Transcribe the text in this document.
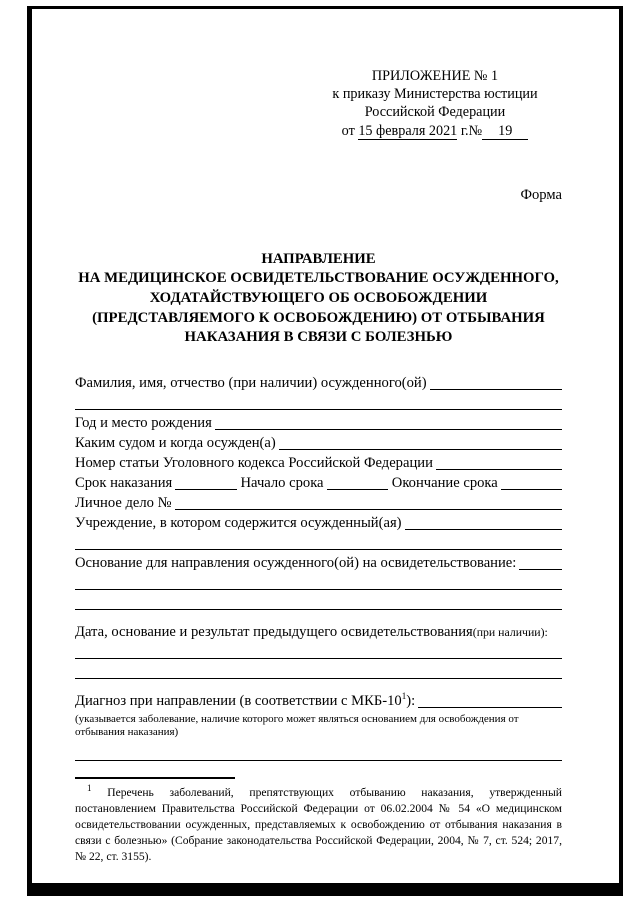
ПРИЛОЖЕНИЕ № 1
к приказу Министерства юстиции
Российской Федерации
от 15 февраля 2021 г.№ 19
Форма
НАПРАВЛЕНИЕ
НА МЕДИЦИНСКОЕ ОСВИДЕТЕЛЬСТВОВАНИЕ ОСУЖДЕННОГО,
ХОДАТАЙСТВУЮЩЕГО ОБ ОСВОБОЖДЕНИИ
(ПРЕДСТАВЛЯЕМОГО К ОСВОБОЖДЕНИЮ) ОТ ОТБЫВАНИЯ
НАКАЗАНИЯ В СВЯЗИ С БОЛЕЗНЬЮ
Фамилия, имя, отчество (при наличии) осужденного(ой)
Год и место рождения
Каким судом и когда осужден(а)
Номер статьи Уголовного кодекса Российской Федерации
Срок наказания	Начало срока	Окончание срока
Личное дело №
Учреждение, в котором содержится осужденный(ая)
Основание для направления осужденного(ой) на освидетельствование:
Дата, основание и результат предыдущего освидетельствования (при наличии):
Диагноз при направлении (в соответствии с МКБ-$10^1$):
(указывается заболевание, наличие которого может являться основанием для освобождения от отбывания наказания)
$^1$ Перечень заболеваний, препятствующих отбыванию наказания, утвержденный постановлением Правительства Российской Федерации от 06.02.2004 № 54 «О медицинском освидетельствовании осужденных, представляемых к освобождению от отбывания наказания в связи с болезнью» (Собрание законодательства Российской Федерации, 2004, № 7, ст. 524; 2017, № 22, ст. 3155).
